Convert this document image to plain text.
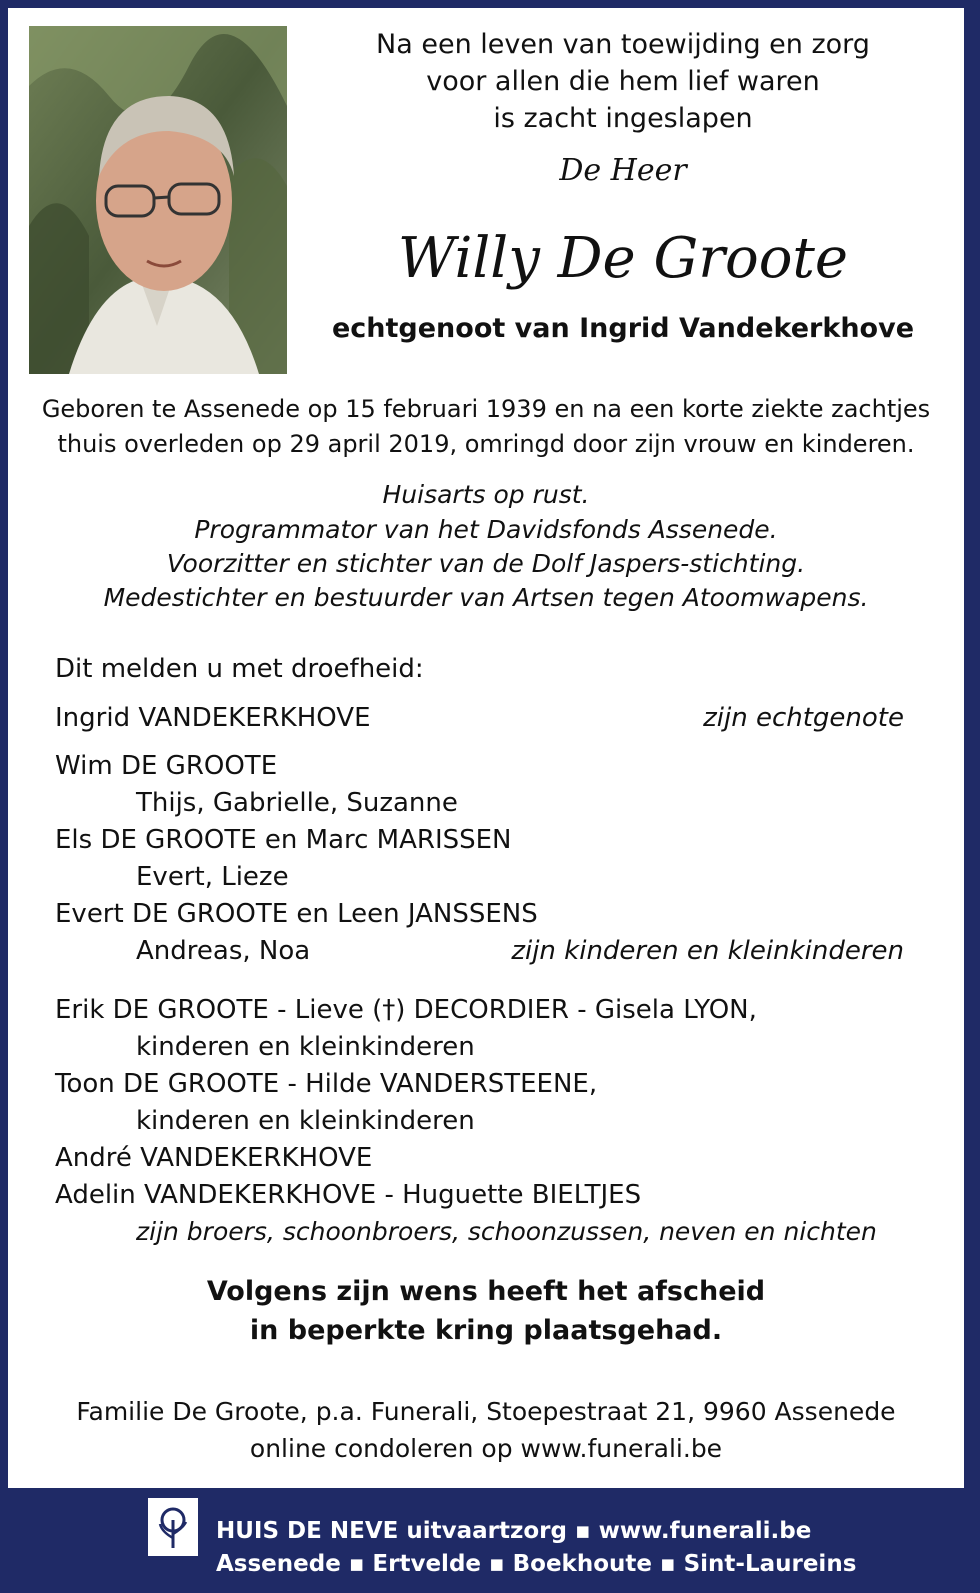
Na een leven van toewijding en zorg

voor allen die hem lief waren

is zacht ingeslapen

De Heer

Willy De Groote

echtgenoot van Ingrid Vandekerkhove

Geboren te Assenede op 15 februari 1939 en na een korte ziekte zachtjes

thuis overleden op 29 april 2019, omringd door zijn vrouw en kinderen.

Huisarts op rust.

Programmator van het Davidsfonds Assenede.

Voorzitter en stichter van de Dolf Jaspers-stichting.

Medestichter en bestuurder van Artsen tegen Atoomwapens.

Dit melden u met droefheid:

Ingrid VANDEKERKHOVE	zijn echtgenote

Wim DE GROOTE

Thijs, Gabrielle, Suzanne

Els DE GROOTE en Marc MARISSEN

Evert, Lieze

Evert DE GROOTE en Leen JANSSENS

Andreas, Noa	zijn kinderen en kleinkinderen

Erik DE GROOTE - Lieve (†) DECORDIER - Gisela LYON,

kinderen en kleinkinderen

Toon DE GROOTE - Hilde VANDERSTEENE,

kinderen en kleinkinderen

André VANDEKERKHOVE

Adelin VANDEKERKHOVE - Huguette BIELTJES

zijn broers, schoonbroers, schoonzussen, neven en nichten

Volgens zijn wens heeft het afscheid

in beperkte kring plaatsgehad.

Familie De Groote, p.a. Funerali, Stoepestraat 21, 9960 Assenede

online condoleren op www.funerali.be

HUIS DE NEVE uitvaartzorg ▪ www.funerali.be

Assenede ▪ Ertvelde ▪ Boekhoute ▪ Sint-Laureins
